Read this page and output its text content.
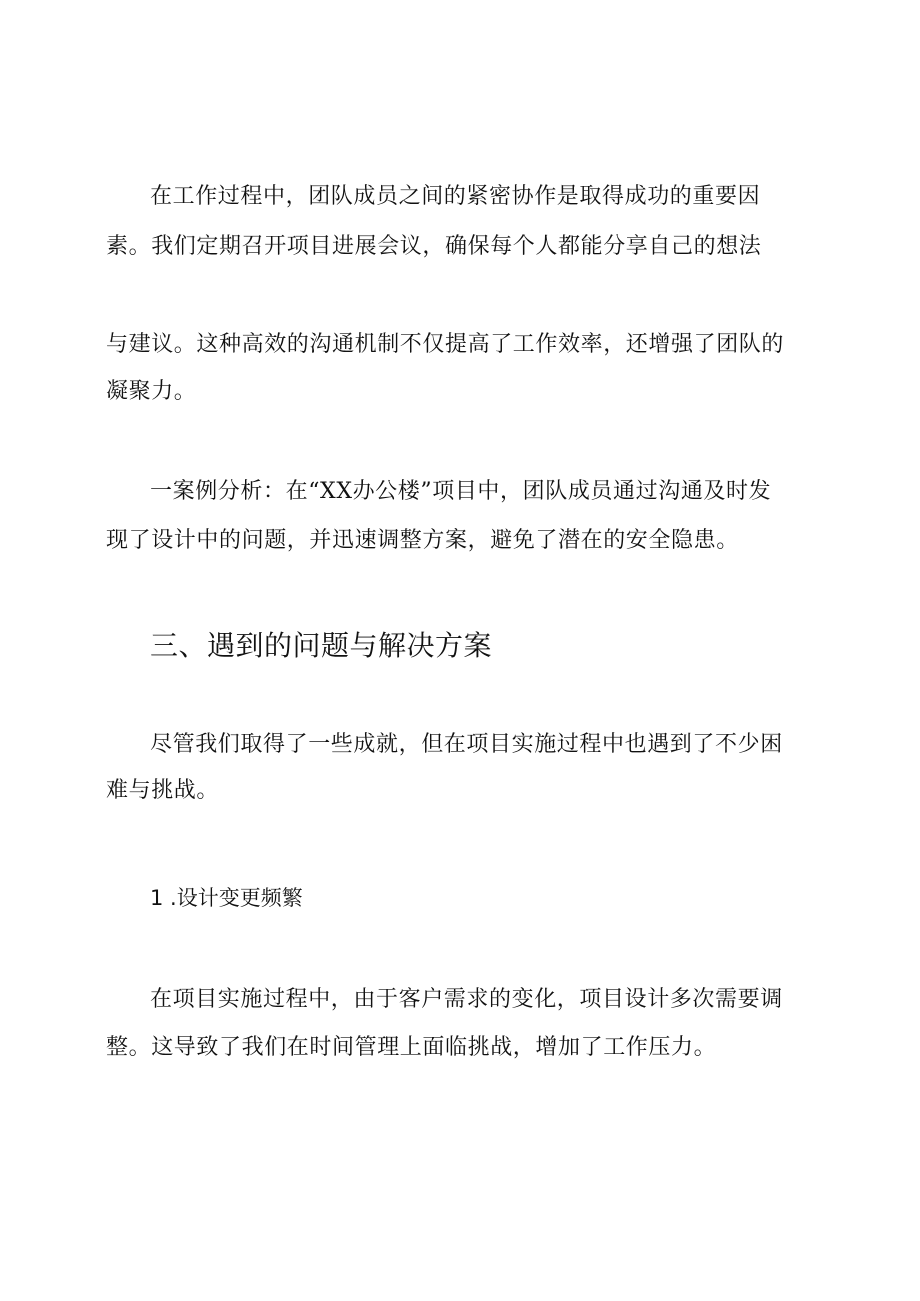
在工作过程中，团队成员之间的紧密协作是取得成功的重要因
素。我们定期召开项目进展会议，确保每个人都能分享自己的想法
与建议。这种高效的沟通机制不仅提高了工作效率，还增强了团队的
凝聚力。
一案例分析：在“XX办公楼”项目中，团队成员通过沟通及时发
现了设计中的问题，并迅速调整方案，避免了潜在的安全隐患。
三、遇到的问题与解决方案
尽管我们取得了一些成就，但在项目实施过程中也遇到了不少困
难与挑战。
1 .设计变更频繁
在项目实施过程中，由于客户需求的变化，项目设计多次需要调
整。这导致了我们在时间管理上面临挑战，增加了工作压力。
